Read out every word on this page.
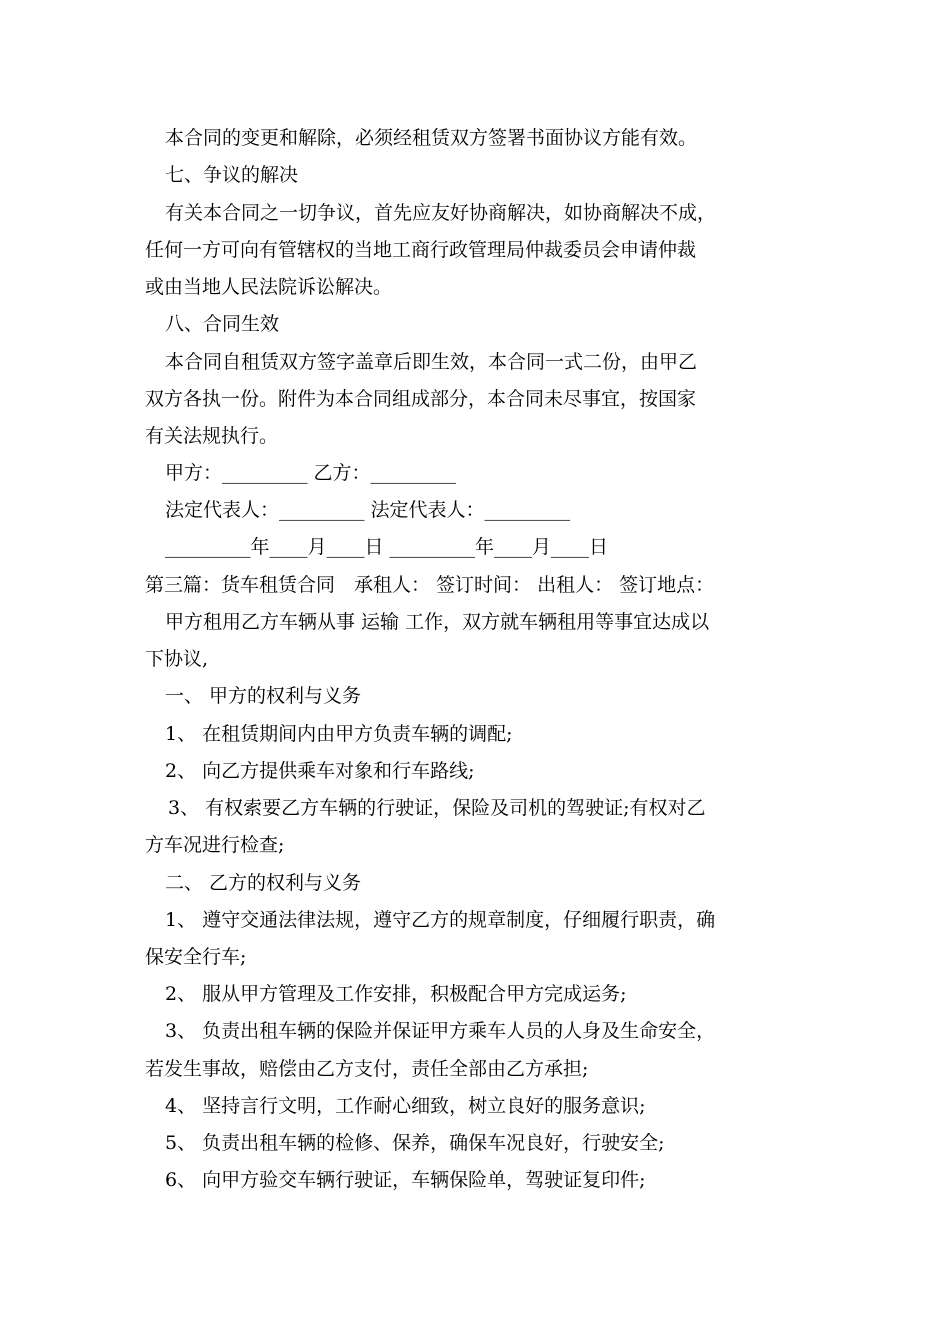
本合同的变更和解除，必须经租赁双方签署书面协议方能有效。
七、争议的解决
有关本合同之一切争议，首先应友好协商解决，如协商解决不成，
任何一方可向有管辖权的当地工商行政管理局仲裁委员会申请仲裁
或由当地人民法院诉讼解决。
八、合同生效
本合同自租赁双方签字盖章后即生效，本合同一式二份，由甲乙
双方各执一份。附件为本合同组成部分，本合同未尽事宜，按国家
有关法规执行。
甲方：_________ 乙方：_________
法定代表人：_________ 法定代表人：_________
_________年____月____日 _________年____月____日
第三篇：货车租赁合同　承租人： 签订时间： 出租人： 签订地点：
甲方租用乙方车辆从事 运输 工作，双方就车辆租用等事宜达成以
下协议,
一、 甲方的权利与义务
1、 在租赁期间内由甲方负责车辆的调配;
2、 向乙方提供乘车对象和行车路线;
3、 有权索要乙方车辆的行驶证，保险及司机的驾驶证;有权对乙
方车况进行检查;
二、 乙方的权利与义务
1、 遵守交通法律法规，遵守乙方的规章制度，仔细履行职责，确
保安全行车;
2、 服从甲方管理及工作安排，积极配合甲方完成运务;
3、 负责出租车辆的保险并保证甲方乘车人员的人身及生命安全，
若发生事故，赔偿由乙方支付，责任全部由乙方承担;
4、 坚持言行文明，工作耐心细致，树立良好的服务意识;
5、 负责出租车辆的检修、保养，确保车况良好，行驶安全;
6、 向甲方验交车辆行驶证，车辆保险单，驾驶证复印件;
